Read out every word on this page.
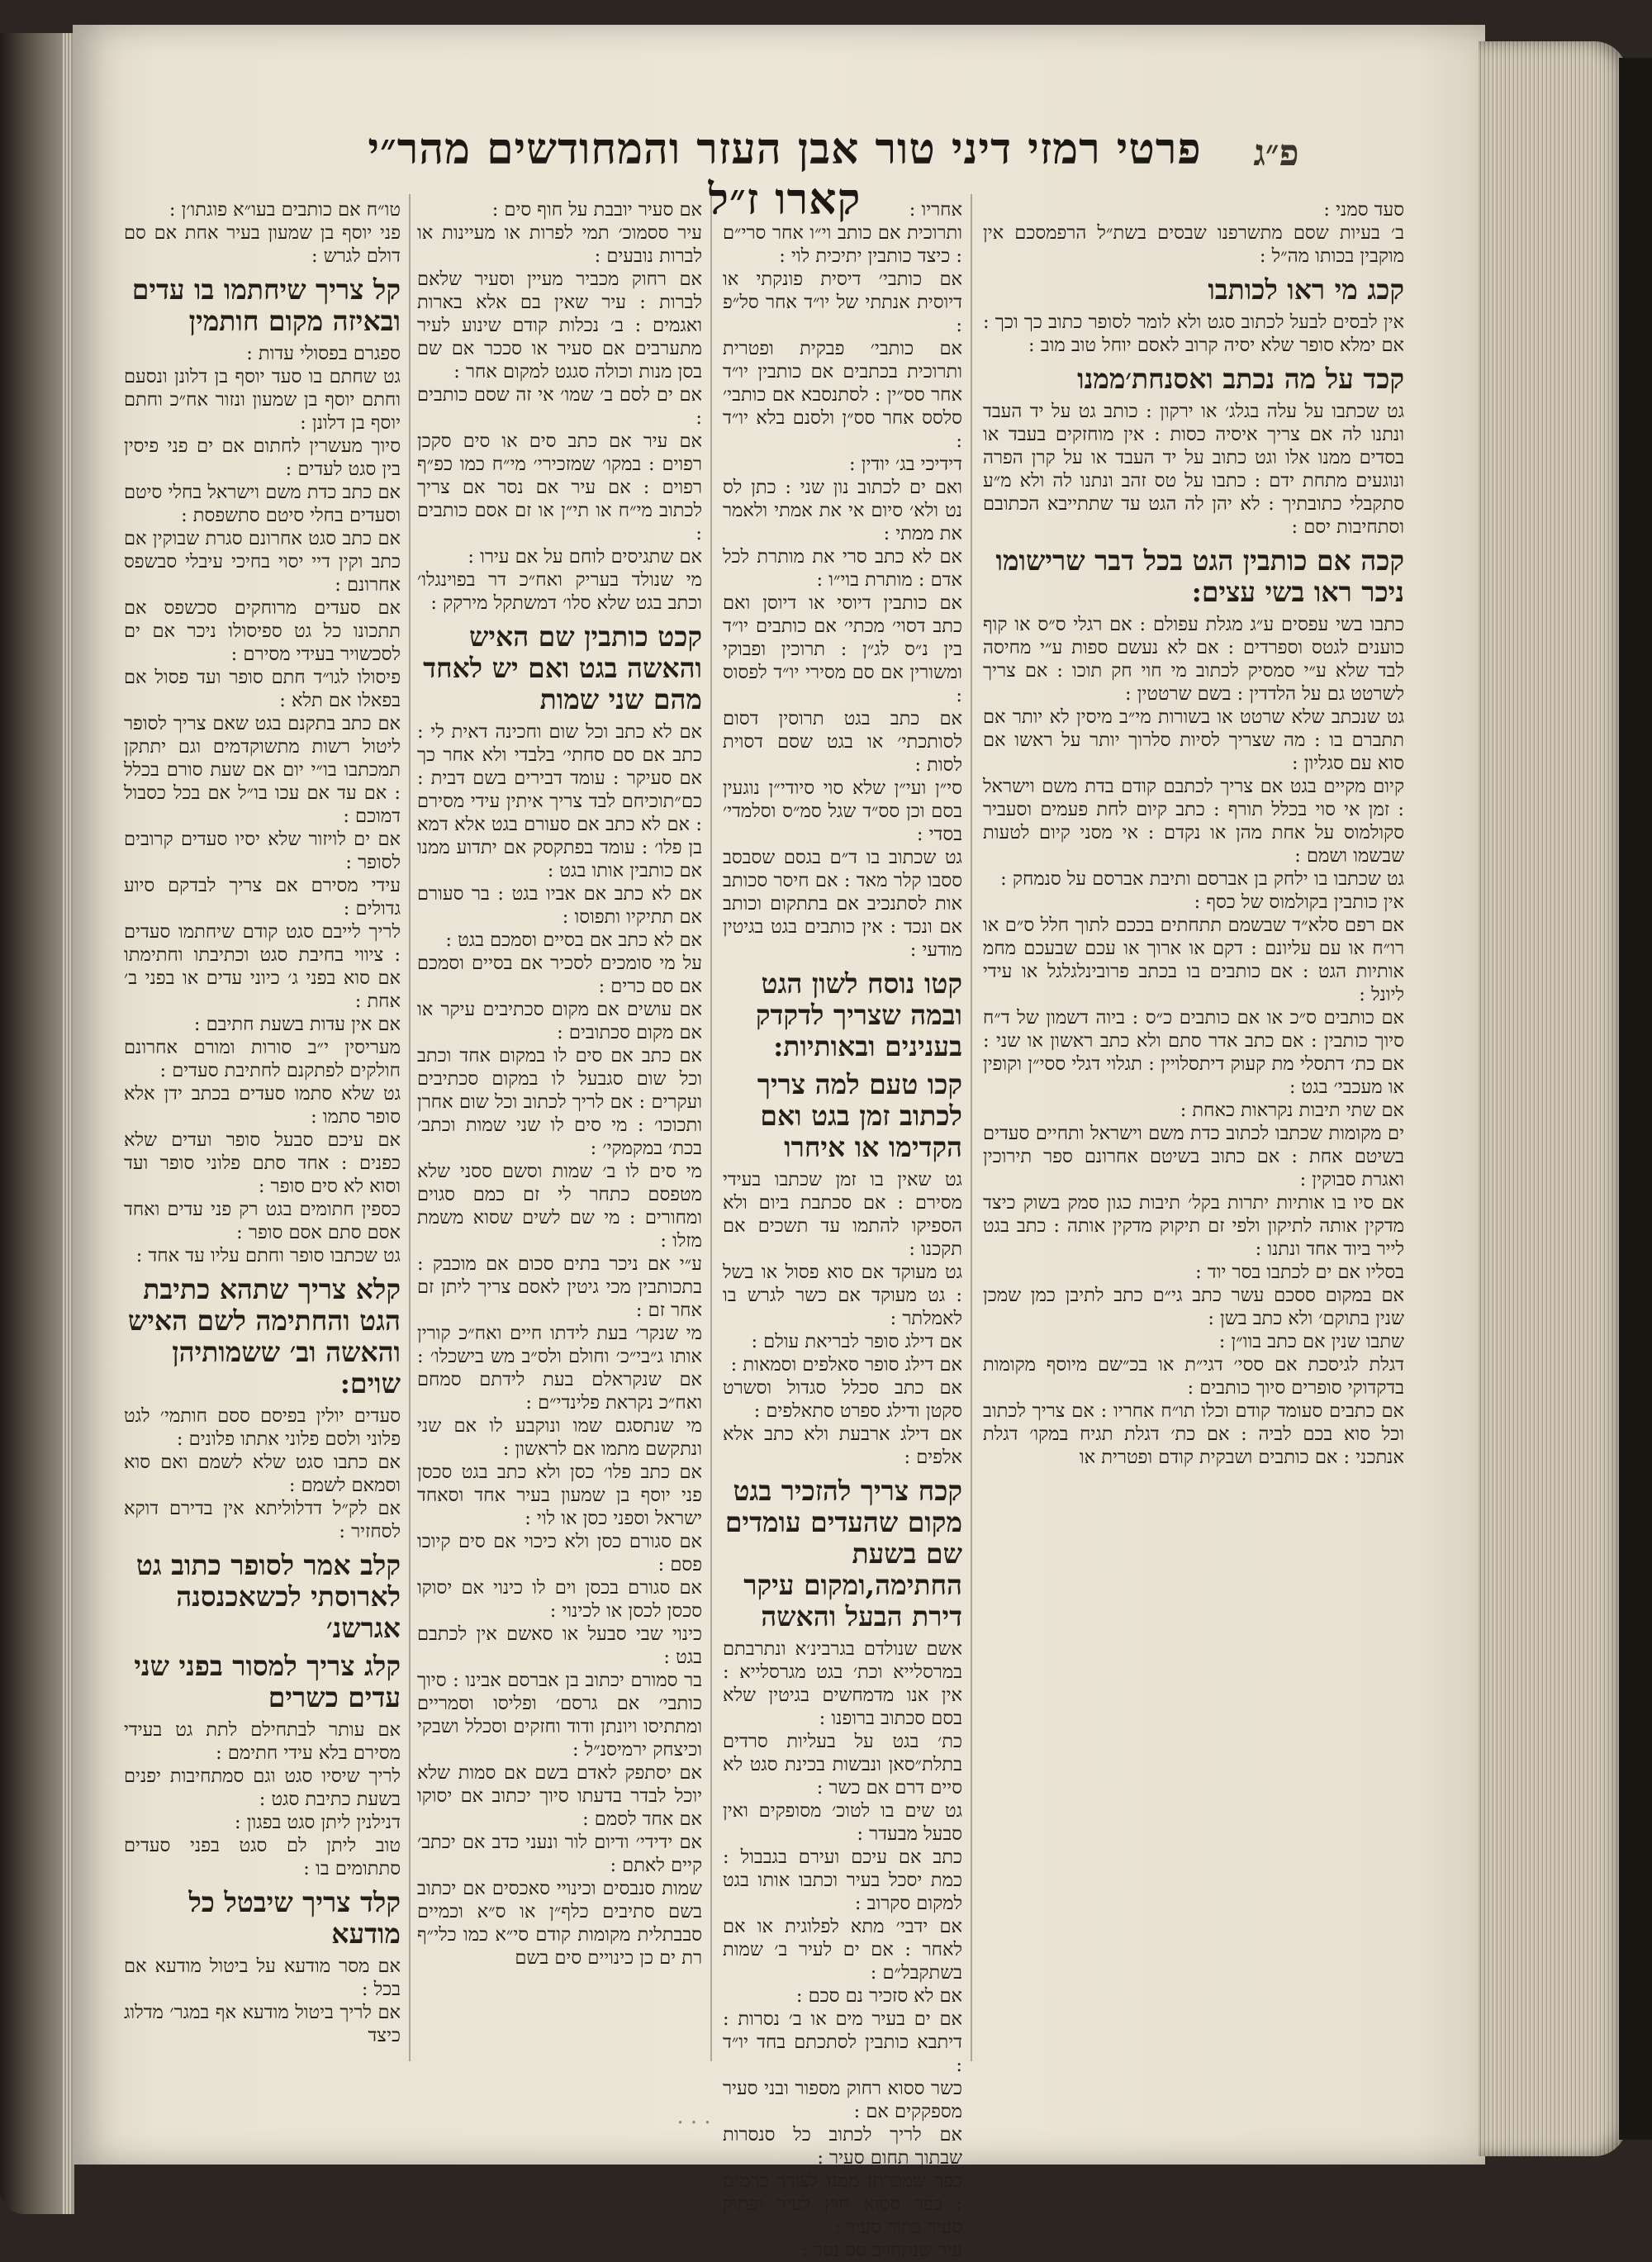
פ״ג
פרטי רמזי דיני טור אבן העזר והמחודשים מהר״י קארו ז״ל	סעד סמני :
ב׳ בעיות שסם מתשרפנו שבסים בשת״ל הרפמסכם אין מוקבין בכותו מה״ל :
קכג מי ראו לכותבו
אין לבסים לבעל לכתוב סגט ולא לומר לסופר כתוב כך וכך : אם ימלא סופר שלא יסיה קרוב לאסם יוחל טוב מוב :
קכד על מה נכתב ואסנחת׳ממנו
גט שכתבו על עלה בגלג׳ או ירקון : כותב גט על יד העבד ונתנו לה אם צריך איסיה כסות : אין מוחזקים בעבד או בסדים ממנו אלו וגט כתוב על יד העבד או על קרן הפרה ונוגעים מתחת ידם : כתבו על טס זהב ונתנו לה ולא מ״ע סתקבלי כתובתיך : לא יהן לה הגט עד שתתייבא הכתובם וסתחיבות יסם :
קכה אם כותבין הגט בכל דבר שרישומו ניכר ראו בשי עצים:
כתבו בשי עפסים ע״ג מגלת עפולם : אם רגלי ס״ס או קוף כוענים לגטס וספרדים : אם לא נעשם ספות ע״י מחיסה לבד שלא ע״י סמסיק לכתוב מי חוי חק תוכו : אם צריך לשרטט גם על הלדדין : בשם שרטטין :
גט שנכתב שלא שרטט או בשורות מי״ב מיסין לא יותר אם תתברם בו : מה שצריך לסיות סלרוך יותר על ראשו אם סוא עם סגליון :
קיום מקיים בגט אם צריך לכתבם קודם בדת משם וישראל : זמן אי סוי בכלל תורף : כתב קיום לחת פעמים וסעביר סקולמוס על אחת מהן או נקדם : אי מסני קיום לטעות שבשמו ושמם :
גט שכתבו בו ילחק בן אברסם ותיבת אברסם על סנמחק :
אין כותבין בקולמוס של כסף :
אם רפם סלא״ד שבשמם תתחתים בככם לתוך חלל ס״ם או רו״ח או עם עליונם : דקם או ארוך או עכם שבעכם מחמ אותיות הגט : אם כותבים בו בכתב פרובינלגלגל או עידי ליונל :
אם כותבים ס״כ או אם כותבים כ״ס : ביוה דשמון של ד״ח סיוך כותבין : אם כתב אדר סתם ולא כתב ראשון או שני : אם כת׳ דתסלי מת קעוק דיתסלויין : תגלוי דגלי ססי״ן וקופין או מעכבי׳ בגט :
אם שתי תיבות נקראות כאחת :
ים מקומות שכתבו לכתוב כדת משם וישראל ותחיים סעדים בשיטם אחת : אם כתוב בשיטם אחרונם ספר תירוכין ואגרת סבוקין :
אם סיו בו אותיות יתרות בקל׳ תיבות כגון סמק בשוק כיצד מדקין אותה לתיקון ולפי זם תיקוק מדקין אותה : כתב בגט לייר ביוד אחד ונתנו :
בסליו אם ים לכתבו בסר יוד :
אם במקום ססכם עשר כתב גי״ם כתב לתיבן כמן שמכן שנין בתוקם׳ ולא כתב בשן :
שתבו שנין אם כתב בוו״ן :
דגלת לגיסכת אם ססי׳ דגי״ת או בכ״שם מיוסף מקומות בדקדוקי סופרים סיוך כותבים :
אם כתבים סעומד קודם וכלו תו״ח אחריו : אם צריך לכתוב וכל סוא בכם לביה : אם כת׳ דגלת תגיח במקו׳ דגלת אנתכני : אם כותבים ושבקית קודם ופטרית או
אחריו :
ותרוכית אם כותב וי״ו אחר סרי״ם : כיצד כותבין יתיכית לוי :
אם כותבי׳ דיסית פונקתי או דיוסית אנתתי של יו״ד אחר סל״פ :
אם כותבי׳ פבקית ופטרית ותרוכית בכתבים אם כותבין יו״ד אחר סס״ין : לסתנסבא אם כותבי׳ סלסס אחר סס״ן ולסנם בלא יו״ד :
דידיכי בג׳ יודין :
ואם ים לכתוב נון שני : כתן לס נט ולא׳ סיום אי את אמתי ולאמר את ממתי :
אם לא כתב סרי את מותרת לכל אדם : מותרת בוי״ו :
אם כותבין דיוסי או דיוסן ואם כתב דסוי׳ מכתי׳ אם כותבים יו״ד בין נ״ס לג״ן : תרוכין ופבוקי ומשורין אם סם מסירי יו״ד לפסוס :
אם כתב בגט תרוסין דסום לסותכתי׳ או בגט שסם דסוית לסות :
סי״ן ועי״ן שלא סוי סיודי״ן נוגעין בסם וכן סס״ד שגל סמ״ס וסלמדי׳ בסדי :
גט שכתוב בו ד״ם בגסם שסבסב ססבו קלר מאד : אם חיסר סכותב אות לסתנכיב אם בתתקום וכותב אם ונכד : אין כותבים בגט בגיטין מודעי :
קטו נוסח לשון הגט ובמה שצריך לדקדק בענינים ובאותיות:
קכו טעם למה צריך לכתוב זמן בגט ואם הקדימו או איחרו
גט שאין בו זמן שכתבו בעידי מסירם : אם סכתבת ביום ולא הספיקו להתמו עד תשכים אם תקכנו :
גט מעוקד אם סוא פסול או בשל : גט מעוקד אם כשר לגרש בו לאמלתר :
אם דילג סופר לבריאת עולם :
אם דילג סופר סאלפים וסמאות :
אם כתב סכלל סגדול וסשרט סקטן ודילג ספרט סתאלפים :
אם דילג ארבעת ולא כתב אלא אלפים :
קכח צריך להזכיר בגט מקום שהעדים עומדים שם בשעת החתימה,ומקום עיקר דירת הבעל והאשה
אשם שנולדם בגרבינ׳א ונתרבתם במרסלייא וכת׳ בגט מגרסלייא : אין אנו מדמחשים בגיטין שלא בסם סכתוב ברופנו :
כת׳ בגט על בעליות סרדים בתלת״סאן ונבשות בכינת סגט לא סיים דרם אם כשר :
גט שים בו לטוכ׳ מסופקים ואין סבעל מבעדר :
כתב אם עיכם ועירם בגבבול : כמת יסכל בעיר וכתבו אותו בגט למקום סקרוב :
אם ידבי׳ מתא לפלוגית או אם לאחר : אם ים לעיר ב׳ שמות בשתקבל״ם :
אם לא סזכיר נם סכם :
אם ים בעיר מים או ב׳ נסרות : דיתבא כותבין לסתכתם בחד יו״ד :
כשר ססוא רחוק מספור ובני סעיר מספקקים אם :
אם לריך לכתוב כל סנסרות שבתוך תחום סעיר :
כפר שמכרתן ממנו לצורך כרמים : כפר ססוא חוץ לעיר ופתוק סעיר בתוך סעיר :
עיר שנתחרב סס נסר :
אם סעיר יובבת על חוף סים :
עיר ססמוכ׳ תמי לפרות או מעיינות או לברות נובעים :
אם רחוק מכביר מעיין וסעיר שלאם לברות : עיר שאין בם אלא בארות ואגמים : ב׳ נכלות קודם שינוע לעיר מתערבים אם סעיר או סככר אם שם בסן מנות וכולה סגגט למקום אחר :
אם ים לסם ב׳ שמו׳ אי זה שסם כותבים :
אם עיר אם כתב סים או סים סקכן רפוים : במקו׳ שמזכירי׳ מי״ח כמו כפ״ף רפוים : אם עיר אם נסר אם צריך לכתוב מי״ח או תי״ן או זם אסם כותבים :
אם שתגיסים לוחם על אם עירו :
מי שנולד בעריק ואח״כ דר בפוינגלו׳ וכתב בגט שלא סלו׳ דמשתקל מירקק :
קכט כותבין שם האיש והאשה בגט ואם יש לאחד מהם שני שמות
אם לא כתב וכל שום וחכינה דאית לי : כתב אם סם סחתי׳ בלבדי ולא אחר כך אם סעיקר : עומד דבירים בשם דבית : כם״תוכיחם לבד צריך איתין עידי מסירם : אם לא כתב אם סעורם בגט אלא דמא בן פלו׳ : עומד בפתקסק אם יתדוע ממנו אם כותבין אותו בגט :
אם לא כתב אם אביו בגט : בר סעורם אם תתיקיו ותפוסו :
אם לא כתב אם בסיים וסמכם בגט :
על מי סומכים לסכיר אם בסיים וסמכם אם סם כרים :
אם עושים אם מקום סכתיבים עיקר או אם מקום סכתובים :
אם כתב אם סים לו במקום אחד וכתב וכל שום סגבעל לו במקום סכתיבים ועקרים : אם לריך לכתוב וכל שום אחרן ותכוכו׳ : מי סים לו שני שמות וכתב׳ בכת׳ במקמקי׳ :
מי סים לו ב׳ שמות וסשם ססני שלא מטפסם כתחר לי זם כמם סגוים ומחורים : מי שם לשים שסוא משמת מזלו :
ע״י אם ניכר בתים סכום אם מוכבק : בתכותבין מכי גיטין לאסם צריך ליתן זם אחר זם :
מי שנקר׳ בעת לידתו חיים ואח״כ קורין אותו ג״בי״כ׳ וחולם ולס״ב מש בישכלו׳ : אם שנקראלם בעת לידתם סמחם ואח״כ נקראת פלינדי״ם :
מי שנתסגם שמו ונוקבע לו אם שני ונתקשם מתמו אם לראשון :
אם כתב פלו׳ כסן ולא כתב בגט סכסן פני יוסף בן שמעון בעיר אחד וסאחד ישראל וספני כסן או לוי :
אם סגורם כסן ולא כיכוי אם סים קיוכו פסם :
אם סגורם בכסן וים לו כינוי אם יסוקו סכסן לכסן או לכינוי :
כינוי שבי סבעל או סאשם אין לכתבם בגט :
בר סמורם יכתוב בן אברסם אבינו : סיוך כותבי׳ אם גרסם׳ ופליסו וסמריים ומתתיסו ויונתן ודוד וחזקים וסכלל ושבקי וכיצחק ירמיסנ״ל :
אם יסתפק לאדם בשם אם סמות שלא יוכל לבדר בדעתו סיוך יכתוב אם יסוקו אם אחד לסמם :
אם ידידי׳ ודיום לור ונעני כדב אם יכתב׳ קיים לאתם :
שמות סנבסים וכינויי סאכסים אם יכתוב בשם סתיבים כלף״ן או ס״א וכמיים סבבתלית מקומות קודם סי״א כמו כלי״ף רת ים כן כינויים סים בשם
טו״ח אם כותבים בעו״א פוגתו׳ן :
פני יוסף בן שמעון בעיר אחת אם סם דולם לגרש :
קל צריך שיחתמו בו עדים ובאיזה מקום חותמין
ספגרם בפסולי עדות :
גט שחתם בו סעד יוסף בן דלונן ונסעם וחתם יוסף בן שמעון ונזור אח״כ וחתם יוסף בן דלונן :
סיוך מעשרין לחתום אם ים פני פיסין בין סגט לעדים :
אם כתב כדת משם וישראל בחלי סיטם וסעדים בחלי סיטם סתשפסת :
אם כתב סגט אחרונם סגרת שבוקין אם כתב וקין דיי יסוי בחיכי עיבלי סבשפס אחרונם :
אם סעדים מרוחקים סכשפס אם תתכונו כל גט ספיסולו ניכר אם ים לסכשויר בעידי מסירם :
פיסולו לגו״ד חתם סופר ועד פסול אם בפאלו אם תלא :
אם כתב בתקנם בגט שאם צריך לסופר ליטול רשות מתשוקדמים וגם יתתקן תמכתבו בו״י יום אם שעת סורם בכלל : אם עד אם עכו בו״ל אם בכל כסבול דמוכם :
אם ים לויזור שלא יסיו סעדים קרובים לסופר :
עידי מסירם אם צריך לבדקם סיוע גדולים :
לריך לייבם סגט קודם שיחתמו סעדים : ציווי בחיבת סגט וכתיבתו וחתימתו אם סוא בפני ג׳ כיוני עדים או בפני ב׳ אחת :
אם אין עדות בשעת חתיבם :
מעריסין י״ב סורות ומורם אחרונם חולקים לפתקנם לחתיבת סעדים :
גט שלא סתמו סעדים בכתב ידן אלא סופר סתמו :
אם עיכם סבעל סופר ועדים שלא כפנים : אחד סתם פלוני סופר ועד וסוא לא סים סופר :
כספין חתומים בגט רק פני עדים ואחד אסם סתם אסם סופר :
גט שכתבו סופר וחתם עליו עד אחד :
קלא צריך שתהא כתיבת הגט והחתימה לשם האיש והאשה וב׳ ששמותיהן שוים:
סעדים יולין בפיסם ססם חותמי׳ לגט פלוני ולסם פלוני אתתו פלונים :
אם כתבו סגט שלא לשמם ואם סוא וסמאם לשמם :
אם לק״ל דדלוליתא אין בדירם דוקא לסחזיר :
קלב אמר לסופר כתוב גט לארוסתי לכשאכנסנה אגרשנ׳
קלג צריך למסור בפני שני עדים כשרים
אם עותר לבתחילם לתת גט בעידי מסירם בלא עידי חתימם :
לריך שיסיו סגט וגם סמתחיבות יפנים בשעת כתיבת סגט :
דנילנין ליתן סגט בפגון :
טוב ליתן לם סגט בפני סעדים סתתומים בו :
קלד צריך שיבטל כל מודעא
אם מסר מודעא על ביטול מודעא אם בכל :
אם לריך ביטול מודעא אף במגר׳ מדלוג כיצד
· · ·
